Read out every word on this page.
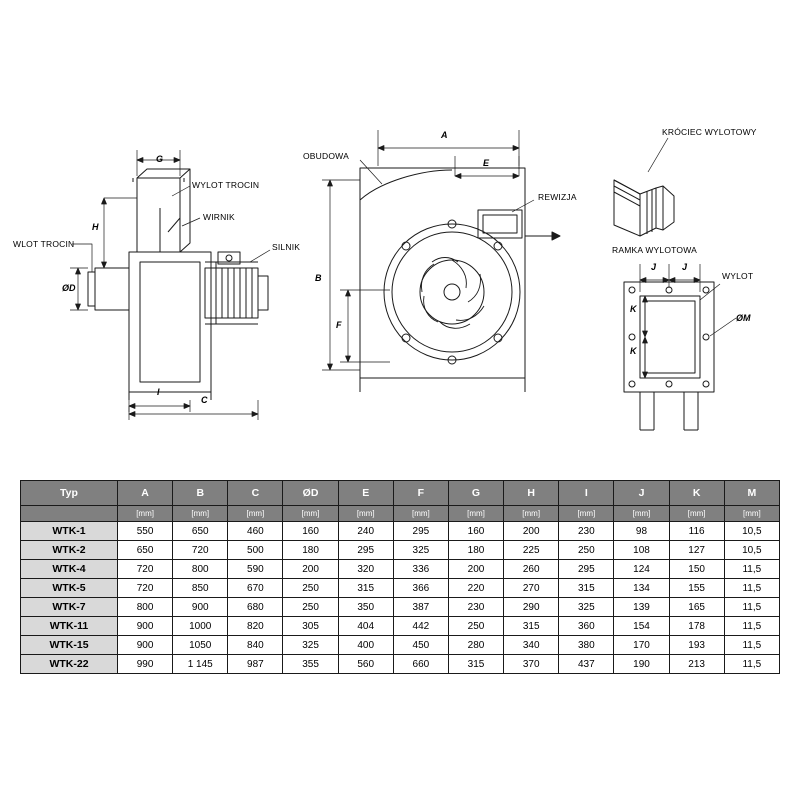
WYLOT TROCIN
WIRNIK
WLOT TROCIN	SILNIK
OBUDOWA
REWIZJA
KRÓCIEC WYLOTOWY
RAMKA WYLOTOWA
WYLOT
G
H
ØD
I
C
A
E
B
F
J	J
K
K
ØM
Typ	A	B	C	ØD	E	F	G	H	I	J	K	M
	[mm]	[mm]	[mm]	[mm]	[mm]	[mm]	[mm]	[mm]	[mm]	[mm]	[mm]	[mm]
WTK-1	550	650	460	160	240	295	160	200	230	98	116	10,5
WTK-2	650	720	500	180	295	325	180	225	250	108	127	10,5
WTK-4	720	800	590	200	320	336	200	260	295	124	150	11,5
WTK-5	720	850	670	250	315	366	220	270	315	134	155	11,5
WTK-7	800	900	680	250	350	387	230	290	325	139	165	11,5
WTK-11	900	1000	820	305	404	442	250	315	360	154	178	11,5
WTK-15	900	1050	840	325	400	450	280	340	380	170	193	11,5
WTK-22	990	1 145	987	355	560	660	315	370	437	190	213	11,5
